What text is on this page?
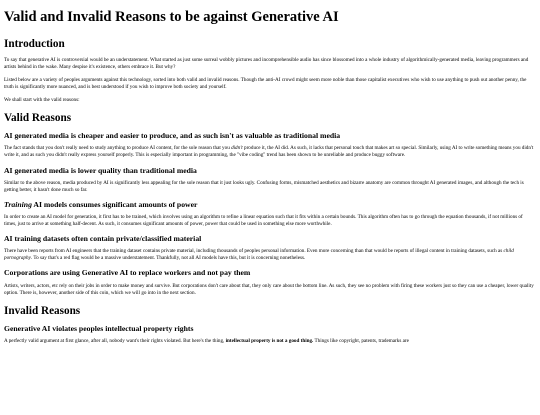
Valid and Invalid Reasons to be against Generative AI
Introduction

To say that generative AI is controversial would be an understatement. What started as just some surreal wobbly pictures and incomprehensible audio has since blossomed into a whole industry of algorithmically-generated media, leaving programmers and artists behind in the wake. Many despise it's existence, others embrace it. But why?

Listed below are a variety of peoples arguments against this technology, sorted into both valid and invalid reasons. Though the anti-AI crowd might seem more noble than those capitalist executives who wish to use anything to push out another penny, the truth is significantly more nuanced, and is best understood if you wish to improve both society and yourself.

We shall start with the valid reasons:

Valid Reasons
AI generated media is cheaper and easier to produce, and as such isn't as valuable as traditional media

The fact stands that you don't really need to study anything to produce AI content, for the sole reason that you didn't produce it, the AI did. As such, it lacks that personal touch that makes art so special. Similarly, using AI to write something means you didn't write it, and as such you didn't really express yourself properly. This is especially important in programming, the "vibe coding" trend has been shown to be unreliable and produce buggy software.

AI generated media is lower quality than traditional media

Similar to the above reason, media produced by AI is significantly less appealing for the sole reason that it just looks ugly. Confusing forms, mismatched aesthetics and bizarre anatomy are common throught AI generated images, and although the tech is getting better, it hasn't done much so far.

Training AI models consumes significant amounts of power

In order to create an AI model for generation, it first has to be trained, which involves using an algorithm to refine a linear equation such that it fits within a certain bounds. This algorithm often has to go through the equation thousands, if not millions of times, just to arrive at something half-decent. As such, it consumes significant amounts of power, power that could be used in something else more worthwhile.

AI training datasets often contain private/classified material

There have been reports from AI engineers that the training dataset contains private material, including thousands of peoples personal information. Even more concerning than that would be reports of illegal content in training datasets, such as child pornography. To say that's a red flag would be a massive understatement. Thankfully, not all AI models have this, but it is concerning nonetheless.

Corporations are using Generative AI to replace workers and not pay them

Artists, writers, actors, etc rely on their jobs in order to make money and survive. But corporations don't care about that, they only care about the bottom line. As such, they see no problem with firing these workers just so they can use a cheaper, lower quality option. There is, however, another side of this coin, which we will go into in the next section.

Invalid Reasons
Generative AI violates peoples intellectual property rights

A perfectly valid argument at first glance, after all, nobody want's their rights violated. But here's the thing, intellectual property is not a good thing. Things like copyright, patents, trademarks are
